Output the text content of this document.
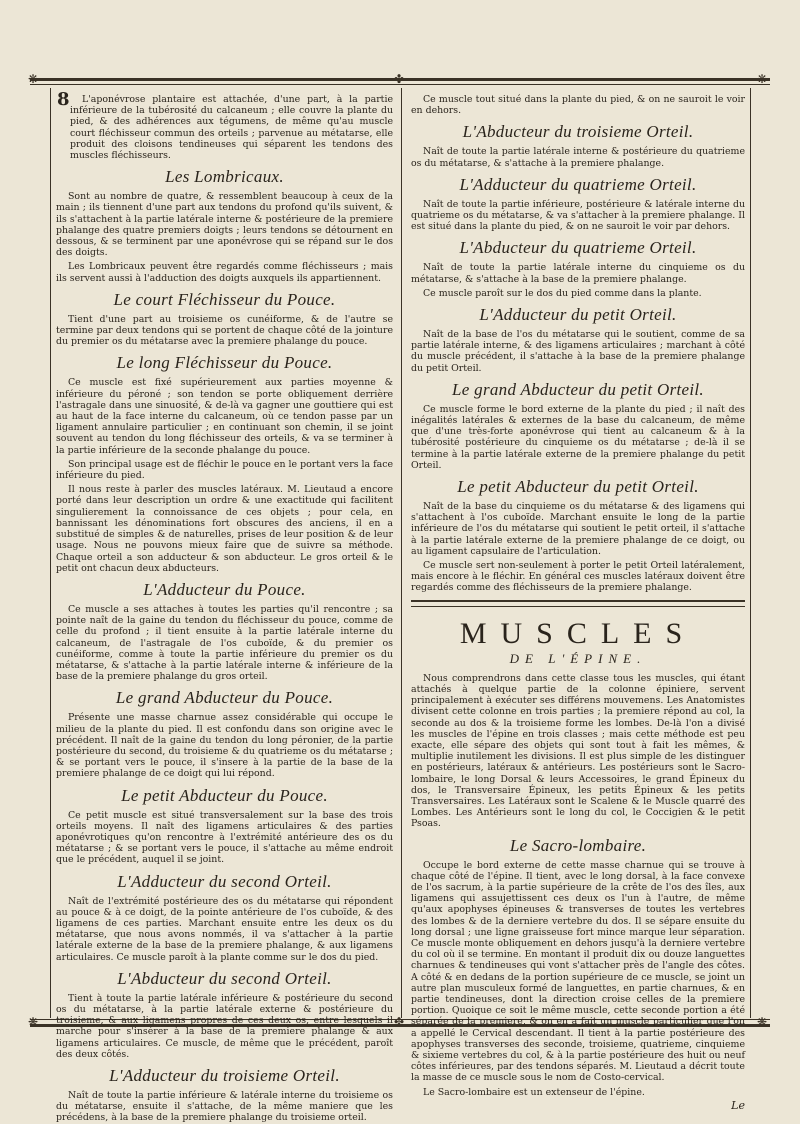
❋	❋
❋	❋
✤
✤
8	L'aponévrose plantaire est attachée, d'une part, à la partie inférieure de la tubérosité du calcaneum ; elle couvre la plante du pied, & des adhérences aux tégumens, de même qu'au muscle court fléchisseur commun des orteils ; parvenue au métatarse, elle produit des cloisons tendineuses qui séparent les tendons des muscles fléchisseurs.

Les Lombricaux.

Sont au nombre de quatre, & ressemblent beaucoup à ceux de la main ; ils tiennent d'une part aux tendons du profond qu'ils suivent, & ils s'attachent à la partie latérale interne & postérieure de la premiere phalange des quatre premiers doigts ; leurs tendons se détournent en dessous, & se terminent par une aponévrose qui se répand sur le dos des doigts.

Les Lombricaux peuvent être regardés comme fléchisseurs ; mais ils servent aussi à l'adduction des doigts auxquels ils appartiennent.

Le court Fléchisseur du Pouce.

Tient d'une part au troisieme os cunéiforme, & de l'autre se termine par deux tendons qui se portent de chaque côté de la jointure du premier os du métatarse avec la premiere phalange du pouce.

Le long Fléchisseur du Pouce.

Ce muscle est fixé supérieurement aux parties moyenne & inférieure du péroné ; son tendon se porte obliquement derrière l'astragale dans une sinuosité, & de-là va gagner une gouttiere qui est au haut de la face interne du calcaneum, où ce tendon passe par un ligament annulaire particulier ; en continuant son chemin, il se joint souvent au tendon du long fléchisseur des orteils, & va se terminer à la partie inférieure de la seconde phalange du pouce.

Son principal usage est de fléchir le pouce en le portant vers la face inférieure du pied.

Il nous reste à parler des muscles latéraux. M. Lieutaud a encore porté dans leur description un ordre & une exactitude qui facilitent singulierement la connoissance de ces objets ; pour cela, en bannissant les dénominations fort obscures des anciens, il en a substitué de simples & de naturelles, prises de leur position & de leur usage. Nous ne pouvons mieux faire que de suivre sa méthode. Chaque orteil a son adducteur & son abducteur. Le gros orteil & le petit ont chacun deux abducteurs.

L'Adducteur du Pouce.

Ce muscle a ses attaches à toutes les parties qu'il rencontre ; sa pointe naît de la gaine du tendon du fléchisseur du pouce, comme de celle du profond ; il tient ensuite à la partie latérale interne du calcaneum, de l'astragale de l'os cuboïde, & du premier os cunéiforme, comme à toute la partie inférieure du premier os du métatarse, & s'attache à la partie latérale interne & inférieure de la base de la premiere phalange du gros orteil.

Le grand Abducteur du Pouce.

Présente une masse charnue assez considérable qui occupe le milieu de la plante du pied. Il est confondu dans son origine avec le précédent. Il naît de la gaine du tendon du long péronier, de la partie postérieure du second, du troisieme & du quatrieme os du métatarse ; & se portant vers le pouce, il s'insere à la partie de la base de la premiere phalange de ce doigt qui lui répond.

Le petit Abducteur du Pouce.

Ce petit muscle est situé transversalement sur la base des trois orteils moyens. Il naît des ligamens articulaires & des parties aponévrotiques qu'on rencontre à l'extrémité antérieure des os du métatarse ; & se portant vers le pouce, il s'attache au même endroit que le précédent, auquel il se joint.

L'Adducteur du second Orteil.

Naît de l'extrémité postérieure des os du métatarse qui répondent au pouce & à ce doigt, de la pointe antérieure de l'os cuboïde, & des ligamens de ces parties. Marchant ensuite entre les deux os du métatarse, que nous avons nommés, il va s'attacher à la partie latérale externe de la base de la premiere phalange, & aux ligamens articulaires. Ce muscle paroît à la plante comme sur le dos du pied.

L'Abducteur du second Orteil.

Tient à toute la partie latérale inférieure & postérieure du second os du métatarse, à la partie latérale externe & postérieure du troisieme, & aux ligamens propres de ces deux os, entre lesquels il marche pour s'insérer à la base de la premiere phalange & aux ligamens articulaires. Ce muscle, de même que le précédent, paroît des deux côtés.

L'Adducteur du troisieme Orteil.

Naît de toute la partie inférieure & latérale interne du troisieme os du métatarse, ensuite il s'attache, de la même maniere que les précédens, à la base de la premiere phalange du troisieme orteil.

Ce muscle tout situé dans la plante du pied, & on ne sauroit le voir en dehors.

L'Abducteur du troisieme Orteil.

Naît de toute la partie latérale interne & postérieure du quatrieme os du métatarse, & s'attache à la premiere phalange.

L'Adducteur du quatrieme Orteil.

Naît de toute la partie inférieure, postérieure & latérale interne du quatrieme os du métatarse, & va s'attacher à la premiere phalange. Il est situé dans la plante du pied, & on ne sauroit le voir par dehors.

L'Abducteur du quatrieme Orteil.

Naît de toute la partie latérale interne du cinquieme os du métatarse, & s'attache à la base de la premiere phalange.

Ce muscle paroît sur le dos du pied comme dans la plante.

L'Adducteur du petit Orteil.

Naît de la base de l'os du métatarse qui le soutient, comme de sa partie latérale interne, & des ligamens articulaires ; marchant à côté du muscle précédent, il s'attache à la base de la premiere phalange du petit Orteil.

Le grand Abducteur du petit Orteil.

Ce muscle forme le bord externe de la plante du pied ; il naît des inégalités latérales & externes de la base du calcaneum, de même que d'une très-forte aponévrose qui tient au calcaneum & à la tubérosité postérieure du cinquieme os du métatarse ; de-là il se termine à la partie latérale externe de la premiere phalange du petit Orteil.

Le petit Abducteur du petit Orteil.

Naît de la base du cinquieme os du métatarse & des ligamens qui s'attachent à l'os cuboïde. Marchant ensuite le long de la partie inférieure de l'os du métatarse qui soutient le petit orteil, il s'attache à la partie latérale externe de la premiere phalange de ce doigt, ou au ligament capsulaire de l'articulation.

Ce muscle sert non-seulement à porter le petit Orteil latéralement, mais encore à le fléchir. En général ces muscles latéraux doivent être regardés comme des fléchisseurs de la premiere phalange.

MUSCLES
DE L'ÉPINE.

Nous comprendrons dans cette classe tous les muscles, qui étant attachés à quelque partie de la colonne épiniere, servent principalement à exécuter ses différens mouvemens. Les Anatomistes divisent cette colonne en trois parties ; la premiere répond au col, la seconde au dos & la troisieme forme les lombes. De-là l'on a divisé les muscles de l'épine en trois classes ; mais cette méthode est peu exacte, elle sépare des objets qui sont tout à fait les mêmes, & multiplie inutilement les divisions. Il est plus simple de les distinguer en postérieurs, latéraux & antérieurs. Les postérieurs sont le Sacro-lombaire, le long Dorsal & leurs Accessoires, le grand Épineux du dos, le Transversaire Épineux, les petits Épineux & les petits Transversaires. Les Latéraux sont le Scalene & le Muscle quarré des Lombes. Les Antérieurs sont le long du col, le Coccigien & le petit Psoas.

Le Sacro-lombaire.

Occupe le bord externe de cette masse charnue qui se trouve à chaque côté de l'épine. Il tient, avec le long dorsal, à la face convexe de l'os sacrum, à la partie supérieure de la crête de l'os des îles, aux ligamens qui assujettissent ces deux os l'un à l'autre, de même qu'aux apophyses épineuses & transverses de toutes les vertebres des lombes & de la derniere vertebre du dos. Il se sépare ensuite du long dorsal ; une ligne graisseuse fort mince marque leur séparation. Ce muscle monte obliquement en dehors jusqu'à la derniere vertebre du col où il se termine. En montant il produit dix ou douze languettes charnues & tendineuses qui vont s'attacher près de l'angle des côtes. A côté & en dedans de la portion supérieure de ce muscle, se joint un autre plan musculeux formé de languettes, en partie charnues, & en partie tendineuses, dont la direction croise celles de la premiere portion. Quoique ce soit le même muscle, cette seconde portion a été séparée de la premiere, & on en a fait un muscle particulier que l'on a appellé le Cervical descendant. Il tient à la partie postérieure des apophyses transverses des seconde, troisieme, quatrieme, cinquieme & sixieme vertebres du col, & à la partie postérieure des huit ou neuf côtes inférieures, par des tendons séparés. M. Lieutaud a décrit toute la masse de ce muscle sous le nom de Costo-cervical.

Le Sacro-lombaire est un extenseur de l'épine.

Le
